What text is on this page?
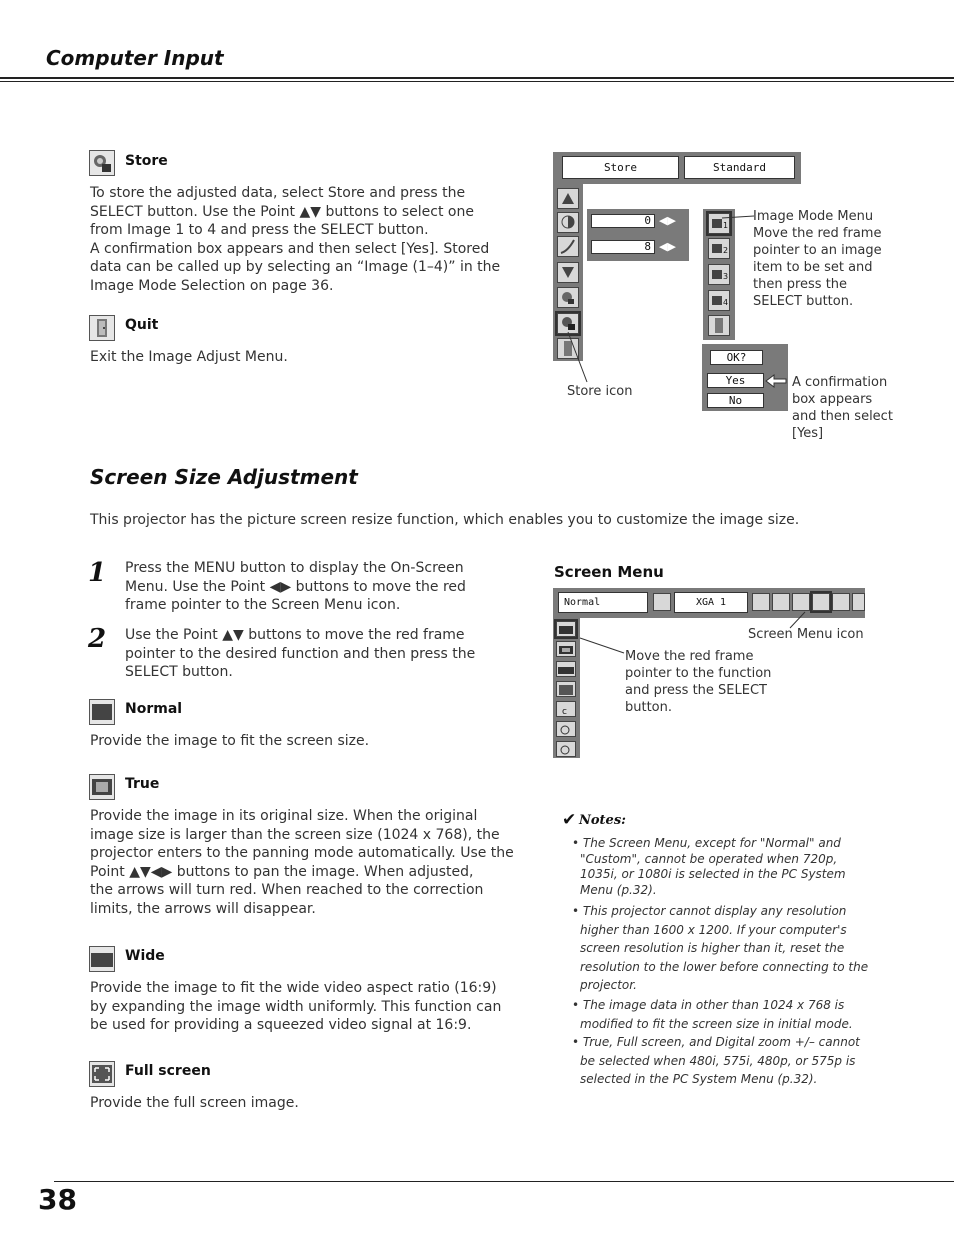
Computer Input
Store
To store the adjusted data, select Store and press the
SELECT button. Use the Point ▲▼ buttons to select one
from Image 1 to 4 and press the SELECT button.
A confirmation box appears and then select [Yes]. Stored
data can be called up by selecting an “Image (1–4)” in the
Image Mode Selection on page 36.
Quit
Exit the Image Adjust Menu.
Store	Standard
0 ◀▶
8 ◀▶
1
2
3
4
Image Mode Menu
Move the red frame
pointer to an image
item to be set and
then press the
SELECT button.
Store icon
OK?
Yes
No
A confirmation
box appears
and then select
[Yes]
Screen Size Adjustment
This projector has the picture screen resize function, which enables you to customize the image size.
1 Press the MENU button to display the On-Screen
Menu. Use the Point ◀▶ buttons to move the red
frame pointer to the Screen Menu icon.
2 Use the Point ▲▼ buttons to move the red frame
pointer to the desired function and then press the
SELECT button.
Normal
Provide the image to fit the screen size.
True
Provide the image in its original size. When the original
image size is larger than the screen size (1024 x 768), the
projector enters to the panning mode automatically. Use the
Point ▲▼◀▶ buttons to pan the image. When adjusted,
the arrows will turn red. When reached to the correction
limits, the arrows will disappear.
Wide
Provide the image to fit the wide video aspect ratio (16:9)
by expanding the image width uniformly. This function can
be used for providing a squeezed video signal at 16:9.
Full screen
Provide the full screen image.
Screen Menu
Normal	XGA 1
c
Screen Menu icon
Move the red frame
pointer to the function
and press the SELECT
button.
✔ Notes:
• The Screen Menu, except for "Normal" and
"Custom", cannot be operated when 720p,
1035i, or 1080i is selected in the PC System
Menu (p.32).
• This projector cannot display any resolution
higher than 1600 x 1200. If your computer's
screen resolution is higher than it, reset the
resolution to the lower before connecting to the
projector.
• The image data in other than 1024 x 768 is
modified to fit the screen size in initial mode.
• True, Full screen, and Digital zoom +/– cannot
be selected when 480i, 575i, 480p, or 575p is
selected in the PC System Menu (p.32).
38
